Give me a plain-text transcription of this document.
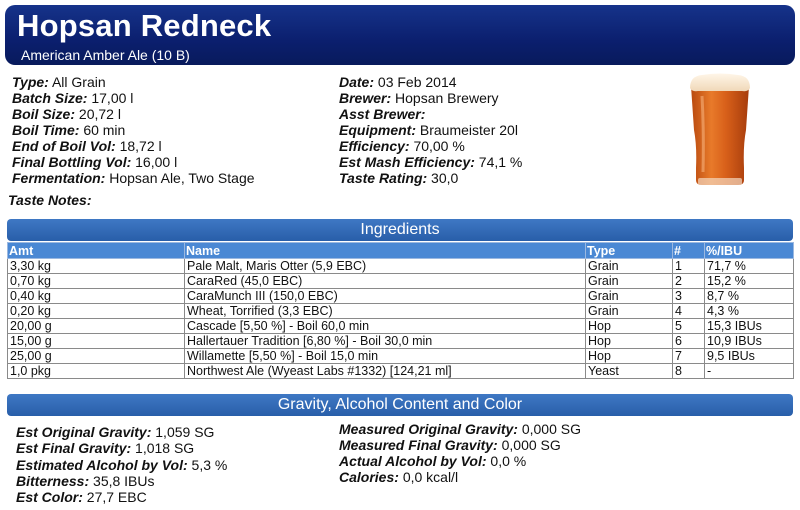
Hopsan Redneck
American Amber Ale (10 B)
Type: All Grain
Batch Size: 17,00 l
Boil Size: 20,72 l
Boil Time: 60 min
End of Boil Vol: 18,72 l
Final Bottling Vol: 16,00 l
Fermentation: Hopsan Ale, Two Stage
Taste Notes:
Date: 03 Feb 2014
Brewer: Hopsan Brewery
Asst Brewer:
Equipment: Braumeister 20l
Efficiency: 70,00 %
Est Mash Efficiency: 74,1 %
Taste Rating: 30,0
Ingredients
Amt	Name	Type	#	%/IBU
3,30 kg	Pale Malt, Maris Otter (5,9 EBC)	Grain	1	71,7 %
0,70 kg	CaraRed (45,0 EBC)	Grain	2	15,2 %
0,40 kg	CaraMunch III (150,0 EBC)	Grain	3	8,7 %
0,20 kg	Wheat, Torrified (3,3 EBC)	Grain	4	4,3 %
20,00 g	Cascade [5,50 %] - Boil 60,0 min	Hop	5	15,3 IBUs
15,00 g	Hallertauer Tradition [6,80 %] - Boil 30,0 min	Hop	6	10,9 IBUs
25,00 g	Willamette [5,50 %] - Boil 15,0 min	Hop	7	9,5 IBUs
1,0 pkg	Northwest Ale (Wyeast Labs #1332) [124,21 ml]	Yeast	8	-
Gravity, Alcohol Content and Color
Est Original Gravity: 1,059 SG
Est Final Gravity: 1,018 SG
Estimated Alcohol by Vol: 5,3 %
Bitterness: 35,8 IBUs
Est Color: 27,7 EBC
Measured Original Gravity: 0,000 SG
Measured Final Gravity: 0,000 SG
Actual Alcohol by Vol: 0,0 %
Calories: 0,0 kcal/l
